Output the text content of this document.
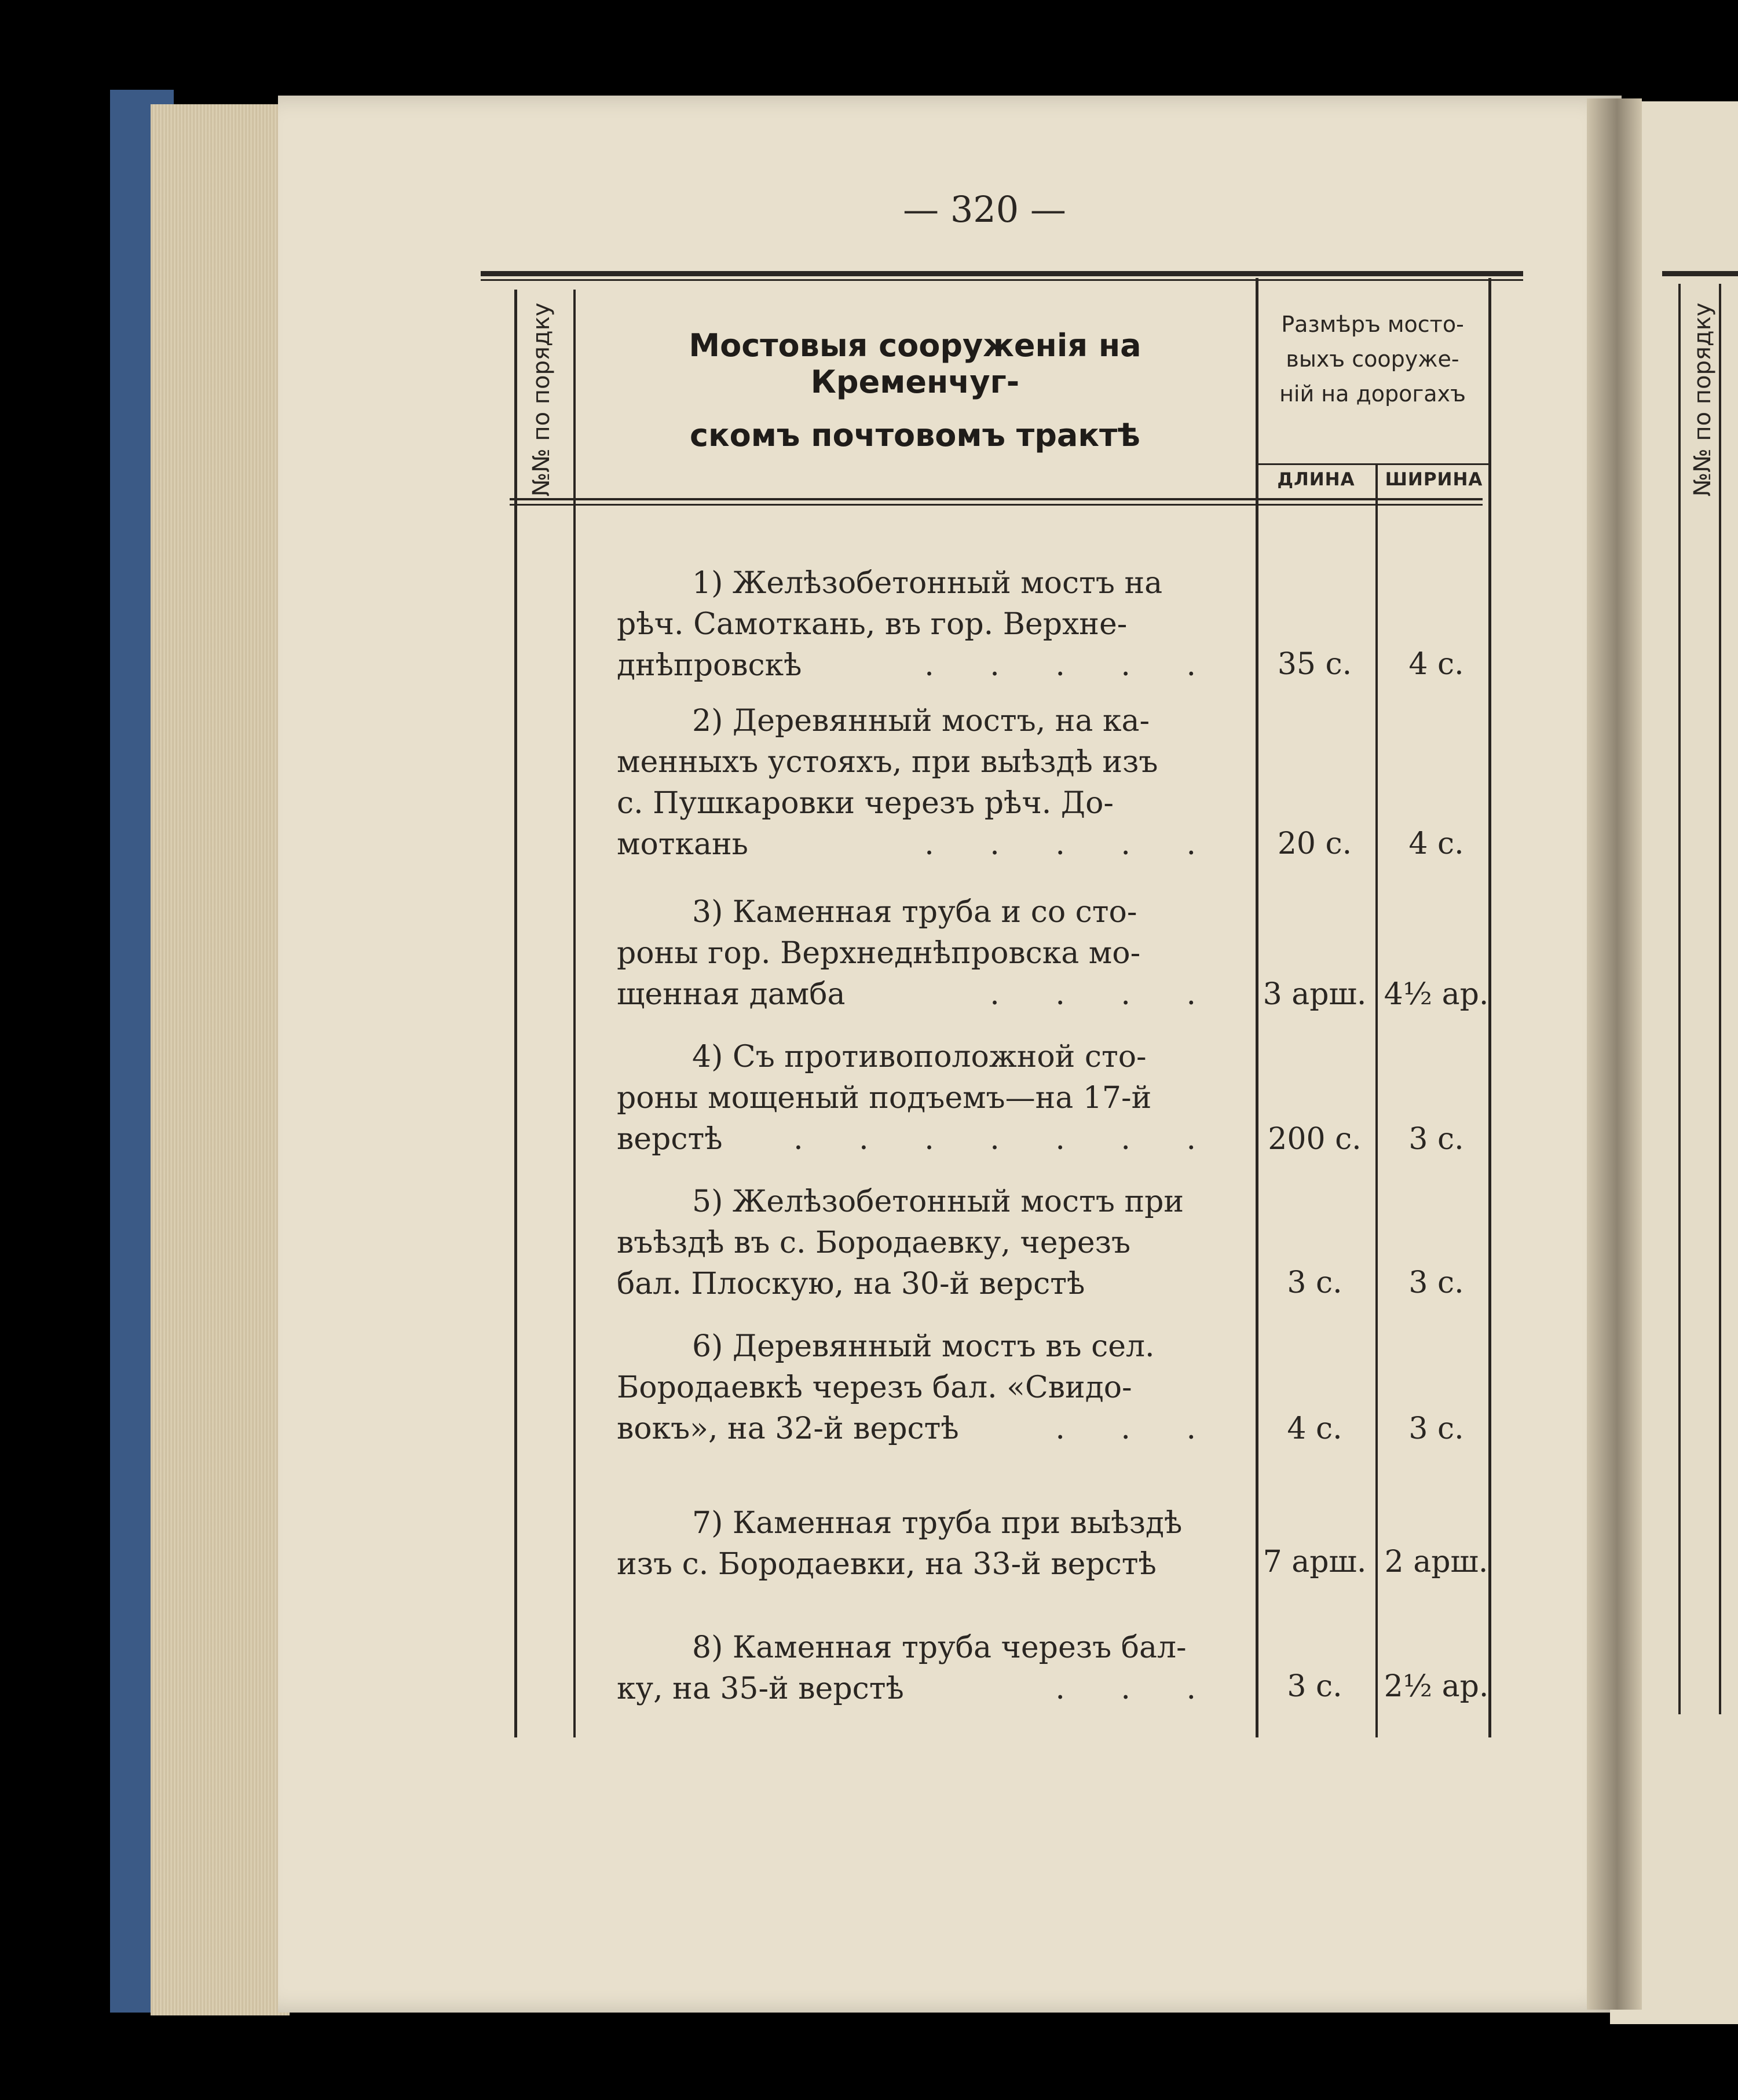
— 320 —
№№ по порядку	Мостовыя сооруженія на Кременчуг-
скомъ почтовомъ трактѣ
Размѣръ мосто-
выхъ сооруже-
ній на дорогахъ
ДЛИНА	ШИРИНА
1) Желѣзобетонный мостъ на
рѣч. Самоткань, въ гор. Верхне-
днѣпровскѣ	. . . . .	35 с.	4 с.
2) Деревянный мостъ, на ка-
менныхъ устояхъ, при выѣздѣ изъ
с. Пушкаровки черезъ рѣч. До-
моткань	. . . . .	20 с.	4 с.
3) Каменная труба и со сто-
роны гор. Верхнеднѣпровска мо-
щенная дамба	. . . . 3 арш. 4½ ар.
4) Съ противоположной сто-
роны мощеный подъемъ—на 17-й
верстѣ . . . . . . .	200 с.	3 с.
5) Желѣзобетонный мостъ при
въѣздѣ въ с. Бородаевку, черезъ
бал. Плоскую, на 30-й верстѣ	3 с.	3 с.
6) Деревянный мостъ въ сел.
Бородаевкѣ черезъ бал. «Свидо-
вокъ», на 32-й верстѣ	. . .	4 с.	3 с.
7) Каменная труба при выѣздѣ
изъ с. Бородаевки, на 33-й верстѣ	7 арш. 2 арш.
8) Каменная труба черезъ бал-
ку, на 35-й верстѣ	. . .	3 с.	2½ ар.
№№ по порядку
